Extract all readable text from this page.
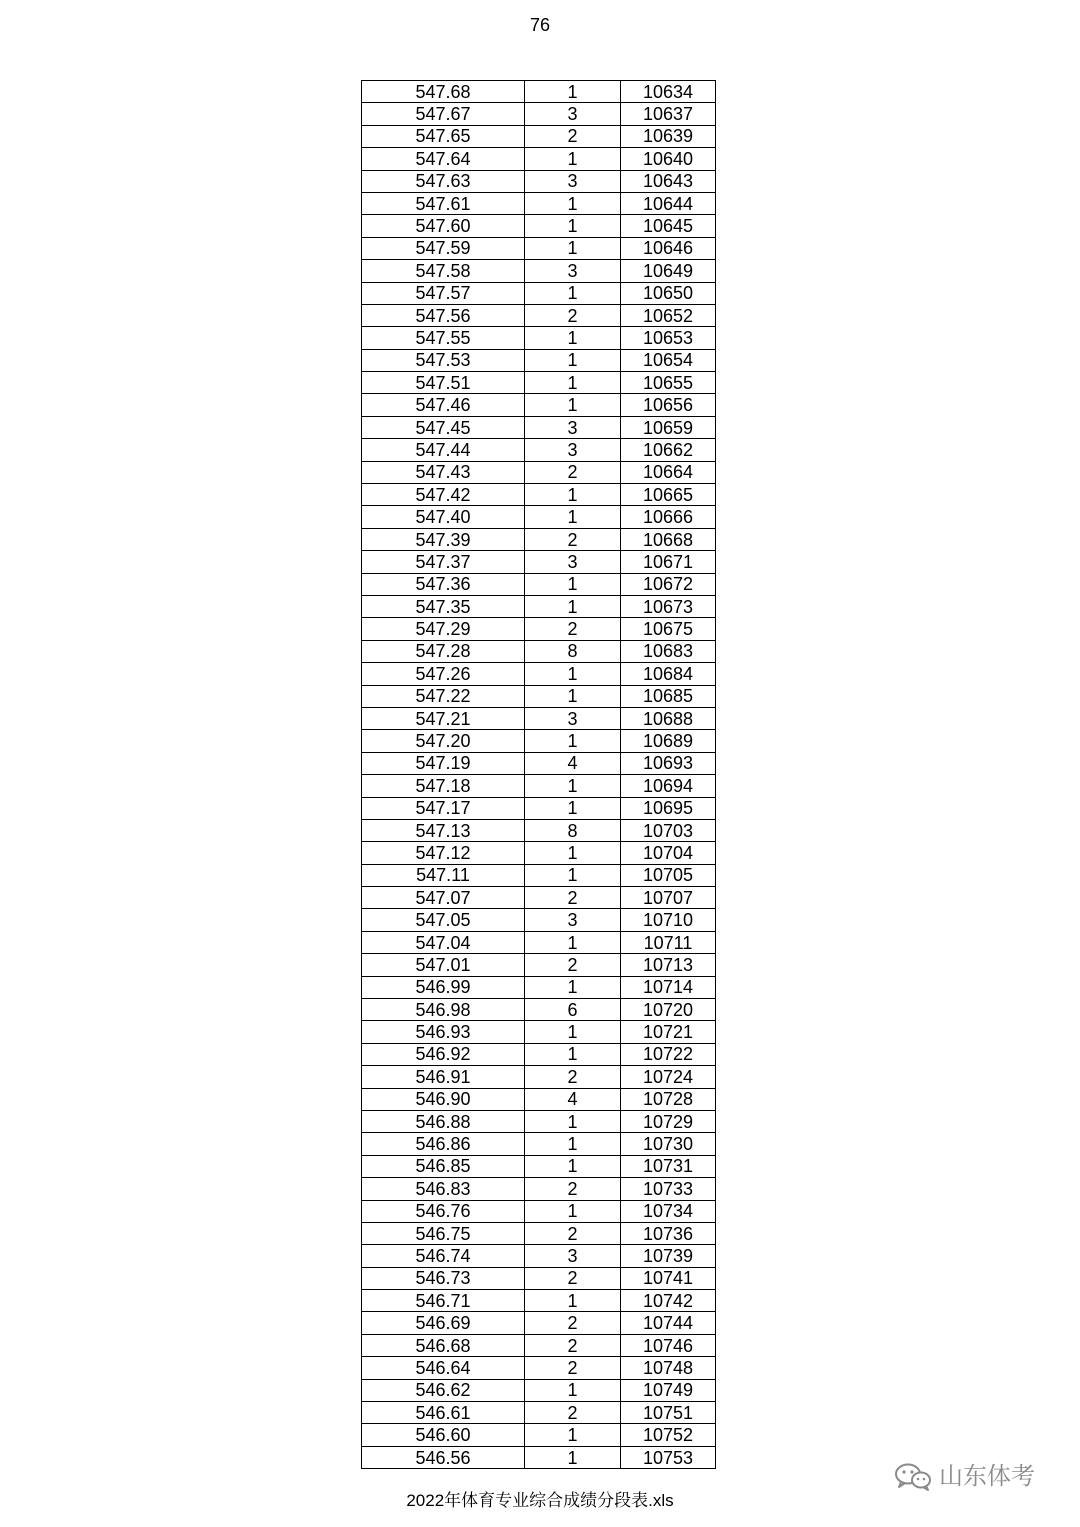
76
547.68	1	10634
547.67	3	10637
547.65	2	10639
547.64	1	10640
547.63	3	10643
547.61	1	10644
547.60	1	10645
547.59	1	10646
547.58	3	10649
547.57	1	10650
547.56	2	10652
547.55	1	10653
547.53	1	10654
547.51	1	10655
547.46	1	10656
547.45	3	10659
547.44	3	10662
547.43	2	10664
547.42	1	10665
547.40	1	10666
547.39	2	10668
547.37	3	10671
547.36	1	10672
547.35	1	10673
547.29	2	10675
547.28	8	10683
547.26	1	10684
547.22	1	10685
547.21	3	10688
547.20	1	10689
547.19	4	10693
547.18	1	10694
547.17	1	10695
547.13	8	10703
547.12	1	10704
547.11	1	10705
547.07	2	10707
547.05	3	10710
547.04	1	10711
547.01	2	10713
546.99	1	10714
546.98	6	10720
546.93	1	10721
546.92	1	10722
546.91	2	10724
546.90	4	10728
546.88	1	10729
546.86	1	10730
546.85	1	10731
546.83	2	10733
546.76	1	10734
546.75	2	10736
546.74	3	10739
546.73	2	10741
546.71	1	10742
546.69	2	10744
546.68	2	10746
546.64	2	10748
546.62	1	10749
546.61	2	10751
546.60	1	10752
546.56	1	10753
2022年体育专业综合成绩分段表.xls
山东体考
